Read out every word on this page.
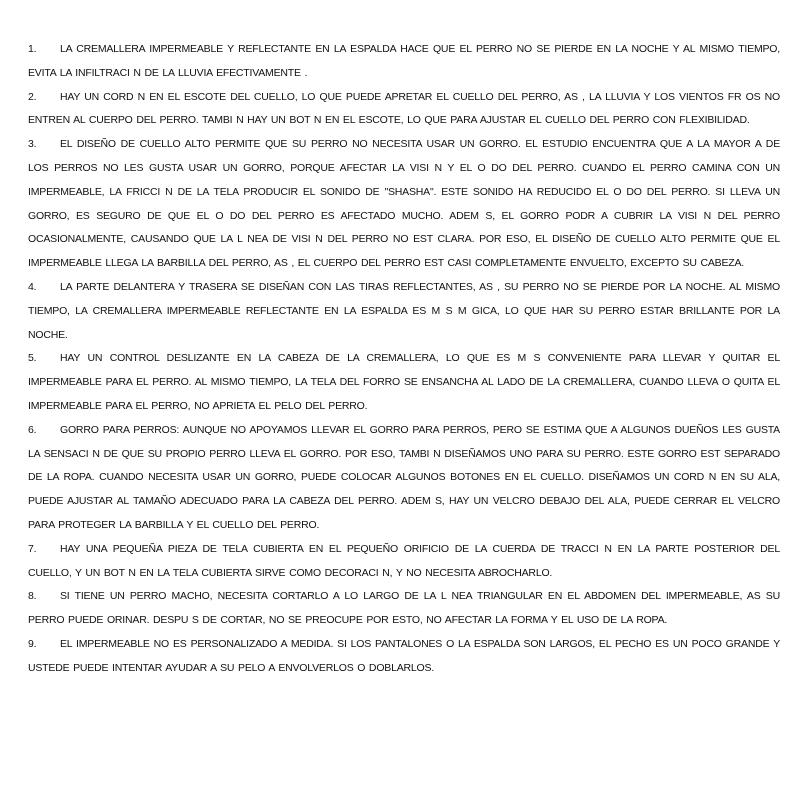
1. LA CREMALLERA IMPERMEABLE Y REFLECTANTE EN LA ESPALDA HACE QUE EL PERRO NO SE PIERDE EN LA NOCHE Y AL MISMO TIEMPO, EVITA LA INFILTRACI N DE LA LLUVIA EFECTIVAMENTE .

2. HAY UN CORD N EN EL ESCOTE DEL CUELLO, LO QUE PUEDE APRETAR EL CUELLO DEL PERRO, AS , LA LLUVIA Y LOS VIENTOS FR OS NO ENTREN AL CUERPO DEL PERRO. TAMBI N HAY UN BOT N EN EL ESCOTE, LO QUE PARA AJUSTAR EL CUELLO DEL PERRO CON FLEXIBILIDAD.

3. EL DISEÑO DE CUELLO ALTO PERMITE QUE SU PERRO NO NECESITA USAR UN GORRO. EL ESTUDIO ENCUENTRA QUE A LA MAYOR A DE LOS PERROS NO LES GUSTA USAR UN GORRO, PORQUE AFECTAR LA VISI N Y EL O DO DEL PERRO. CUANDO EL PERRO CAMINA CON UN IMPERMEABLE, LA FRICCI N DE LA TELA PRODUCIR EL SONIDO DE "SHASHA". ESTE SONIDO HA REDUCIDO EL O DO DEL PERRO. SI LLEVA UN GORRO, ES SEGURO DE QUE EL O DO DEL PERRO ES AFECTADO MUCHO. ADEM S, EL GORRO PODR A CUBRIR LA VISI N DEL PERRO OCASIONALMENTE, CAUSANDO QUE LA L NEA DE VISI N DEL PERRO NO EST CLARA. POR ESO, EL DISEÑO DE CUELLO ALTO PERMITE QUE EL IMPERMEABLE LLEGA LA BARBILLA DEL PERRO, AS , EL CUERPO DEL PERRO EST CASI COMPLETAMENTE ENVUELTO, EXCEPTO SU CABEZA.

4. LA PARTE DELANTERA Y TRASERA SE DISEÑAN CON LAS TIRAS REFLECTANTES, AS , SU PERRO NO SE PIERDE POR LA NOCHE. AL MISMO TIEMPO, LA CREMALLERA IMPERMEABLE REFLECTANTE EN LA ESPALDA ES M S M GICA, LO QUE HAR SU PERRO ESTAR BRILLANTE POR LA NOCHE.

5. HAY UN CONTROL DESLIZANTE EN LA CABEZA DE LA CREMALLERA, LO QUE ES M S CONVENIENTE PARA LLEVAR Y QUITAR EL IMPERMEABLE PARA EL PERRO. AL MISMO TIEMPO, LA TELA DEL FORRO SE ENSANCHA AL LADO DE LA CREMALLERA, CUANDO LLEVA O QUITA EL IMPERMEABLE PARA EL PERRO, NO APRIETA EL PELO DEL PERRO.

6. GORRO PARA PERROS: AUNQUE NO APOYAMOS LLEVAR EL GORRO PARA PERROS, PERO SE ESTIMA QUE A ALGUNOS DUEÑOS LES GUSTA LA SENSACI N DE QUE SU PROPIO PERRO LLEVA EL GORRO. POR ESO, TAMBI N DISEÑAMOS UNO PARA SU PERRO. ESTE GORRO EST SEPARADO DE LA ROPA. CUANDO NECESITA USAR UN GORRO, PUEDE COLOCAR ALGUNOS BOTONES EN EL CUELLO. DISEÑAMOS UN CORD N EN SU ALA, PUEDE AJUSTAR AL TAMAÑO ADECUADO PARA LA CABEZA DEL PERRO. ADEM S, HAY UN VELCRO DEBAJO DEL ALA, PUEDE CERRAR EL VELCRO PARA PROTEGER LA BARBILLA Y EL CUELLO DEL PERRO.

7. HAY UNA PEQUEÑA PIEZA DE TELA CUBIERTA EN EL PEQUEÑO ORIFICIO DE LA CUERDA DE TRACCI N EN LA PARTE POSTERIOR DEL CUELLO, Y UN BOT N EN LA TELA CUBIERTA SIRVE COMO DECORACI N, Y NO NECESITA ABROCHARLO.

8. SI TIENE UN PERRO MACHO, NECESITA CORTARLO A LO LARGO DE LA L NEA TRIANGULAR EN EL ABDOMEN DEL IMPERMEABLE, AS SU PERRO PUEDE ORINAR. DESPU S DE CORTAR, NO SE PREOCUPE POR ESTO, NO AFECTAR LA FORMA Y EL USO DE LA ROPA.

9. EL IMPERMEABLE NO ES PERSONALIZADO A MEDIDA. SI LOS PANTALONES O LA ESPALDA SON LARGOS, EL PECHO ES UN POCO GRANDE Y USTEDE PUEDE INTENTAR AYUDAR A SU PELO A ENVOLVERLOS O DOBLARLOS.
